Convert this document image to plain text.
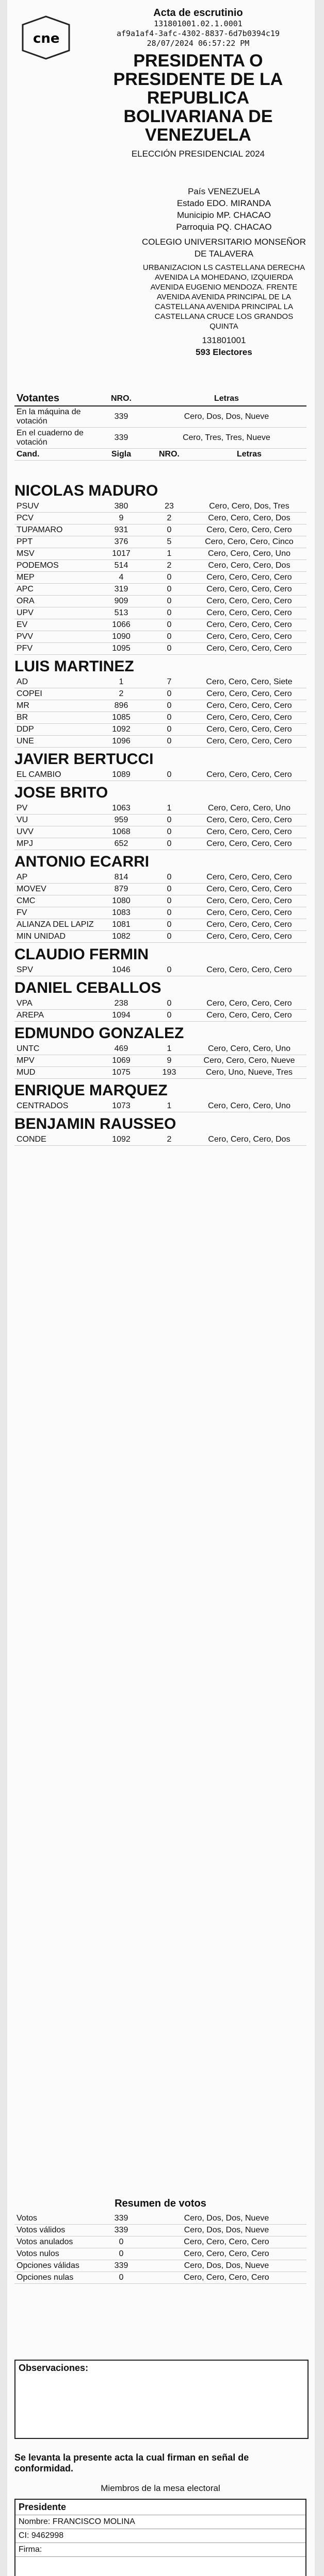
cne
Acta de escrutinio
131801001.02.1.0001
af9a1af4-3afc-4302-8837-6d7b0394c19
28/07/2024 06:57:22 PM
PRESIDENTA O PRESIDENTE DE LA REPUBLICA BOLIVARIANA DE VENEZUELA
ELECCIÓN PRESIDENCIAL 2024
País VENEZUELA
Estado EDO. MIRANDA
Municipio MP. CHACAO
Parroquia PQ. CHACAO
COLEGIO UNIVERSITARIO MONSEÑOR DE TALAVERA
URBANIZACION LS CASTELLANA DERECHA AVENIDA LA MOHEDANO, IZQUIERDA AVENIDA EUGENIO MENDOZA. FRENTE AVENIDA AVENIDA PRINCIPAL DE LA CASTELLANA AVENIDA PRINCIPAL LA CASTELLANA CRUCE LOS GRANDOS QUINTA
131801001
593 Electores
Votantes	NRO.	Letras
En la máquina de votación
339	Cero, Dos, Dos, Nueve
En el cuaderno de votación
339	Cero, Tres, Tres, Nueve
Cand.	Sigla	NRO.	Letras
NICOLAS MADURO
PSUV	380	23	Cero, Cero, Dos, Tres
PCV	9	2	Cero, Cero, Cero, Dos
TUPAMARO	931	0	Cero, Cero, Cero, Cero
PPT	376	5	Cero, Cero, Cero, Cinco
MSV	1017	1	Cero, Cero, Cero, Uno
PODEMOS	514	2	Cero, Cero, Cero, Dos
MEP	4	0	Cero, Cero, Cero, Cero
APC	319	0	Cero, Cero, Cero, Cero
ORA	909	0	Cero, Cero, Cero, Cero
UPV	513	0	Cero, Cero, Cero, Cero
EV	1066	0	Cero, Cero, Cero, Cero
PVV	1090	0	Cero, Cero, Cero, Cero
PFV	1095	0	Cero, Cero, Cero, Cero
LUIS MARTINEZ
AD	1	7	Cero, Cero, Cero, Siete
COPEI	2	0	Cero, Cero, Cero, Cero
MR	896	0	Cero, Cero, Cero, Cero
BR	1085	0	Cero, Cero, Cero, Cero
DDP	1092	0	Cero, Cero, Cero, Cero
UNE	1096	0	Cero, Cero, Cero, Cero
JAVIER BERTUCCI
EL CAMBIO	1089	0	Cero, Cero, Cero, Cero
JOSE BRITO
PV	1063	1	Cero, Cero, Cero, Uno
VU	959	0	Cero, Cero, Cero, Cero
UVV	1068	0	Cero, Cero, Cero, Cero
MPJ	652	0	Cero, Cero, Cero, Cero
ANTONIO ECARRI
AP	814	0	Cero, Cero, Cero, Cero
MOVEV	879	0	Cero, Cero, Cero, Cero
CMC	1080	0	Cero, Cero, Cero, Cero
FV	1083	0	Cero, Cero, Cero, Cero
ALIANZA DEL LAPIZ	1081	0	Cero, Cero, Cero, Cero
MIN UNIDAD	1082	0	Cero, Cero, Cero, Cero
CLAUDIO FERMIN
SPV	1046	0	Cero, Cero, Cero, Cero
DANIEL CEBALLOS
VPA	238	0	Cero, Cero, Cero, Cero
AREPA	1094	0	Cero, Cero, Cero, Cero
EDMUNDO GONZALEZ
UNTC	469	1	Cero, Cero, Cero, Uno
MPV	1069	9	Cero, Cero, Cero, Nueve
MUD	1075	193	Cero, Uno, Nueve, Tres
ENRIQUE MARQUEZ
CENTRADOS	1073	1	Cero, Cero, Cero, Uno
BENJAMIN RAUSSEO
CONDE	1092	2	Cero, Cero, Cero, Dos
Resumen de votos
Votos	339	Cero, Dos, Dos, Nueve
Votos válidos	339	Cero, Dos, Dos, Nueve
Votos anulados	0	Cero, Cero, Cero, Cero
Votos nulos	0	Cero, Cero, Cero, Cero
Opciones válidas	339	Cero, Dos, Dos, Nueve
Opciones nulas	0	Cero, Cero, Cero, Cero
Observaciones:
Se levanta la presente acta la cual firman en señal de conformidad.
Miembros de la mesa electoral
Presidente
Nombre: FRANCISCO MOLINA
CI: 9462998
Firma:
